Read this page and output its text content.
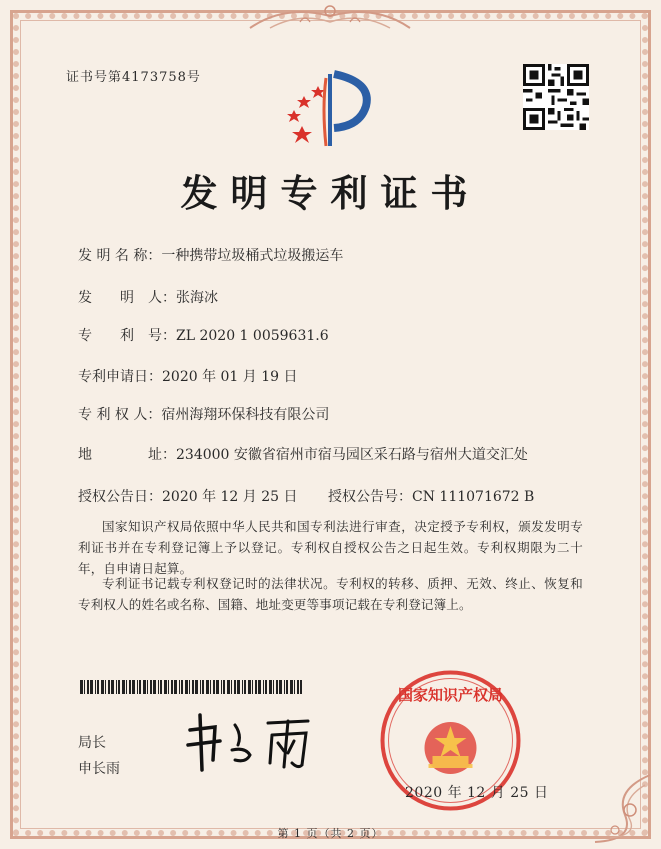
证书号第4173758号
发明专利证书
发 明 名 称：一种携带垃圾桶式垃圾搬运车
发　　明　人：张海冰
专　　利　号：ZL 2020 1 0059631.6
专利申请日：2020 年 01 月 19 日
专 利 权 人：宿州海翔环保科技有限公司
地　　　　址：234000 安徽省宿州市宿马园区采石路与宿州大道交汇处
授权公告日：2020 年 12 月 25 日 授权公告号：CN 111071672 B
国家知识产权局依照中华人民共和国专利法进行审查，决定授予专利权，颁发发明专利证书并在专利登记簿上予以登记。专利权自授权公告之日起生效。专利权期限为二十年，自申请日起算。
专利证书记载专利权登记时的法律状况。专利权的转移、质押、无效、终止、恢复和专利权人的姓名或名称、国籍、地址变更等事项记载在专利登记簿上。
局长
申长雨
国家知识产权局
2020 年 12 月 25 日
第 1 页（共 2 页）
